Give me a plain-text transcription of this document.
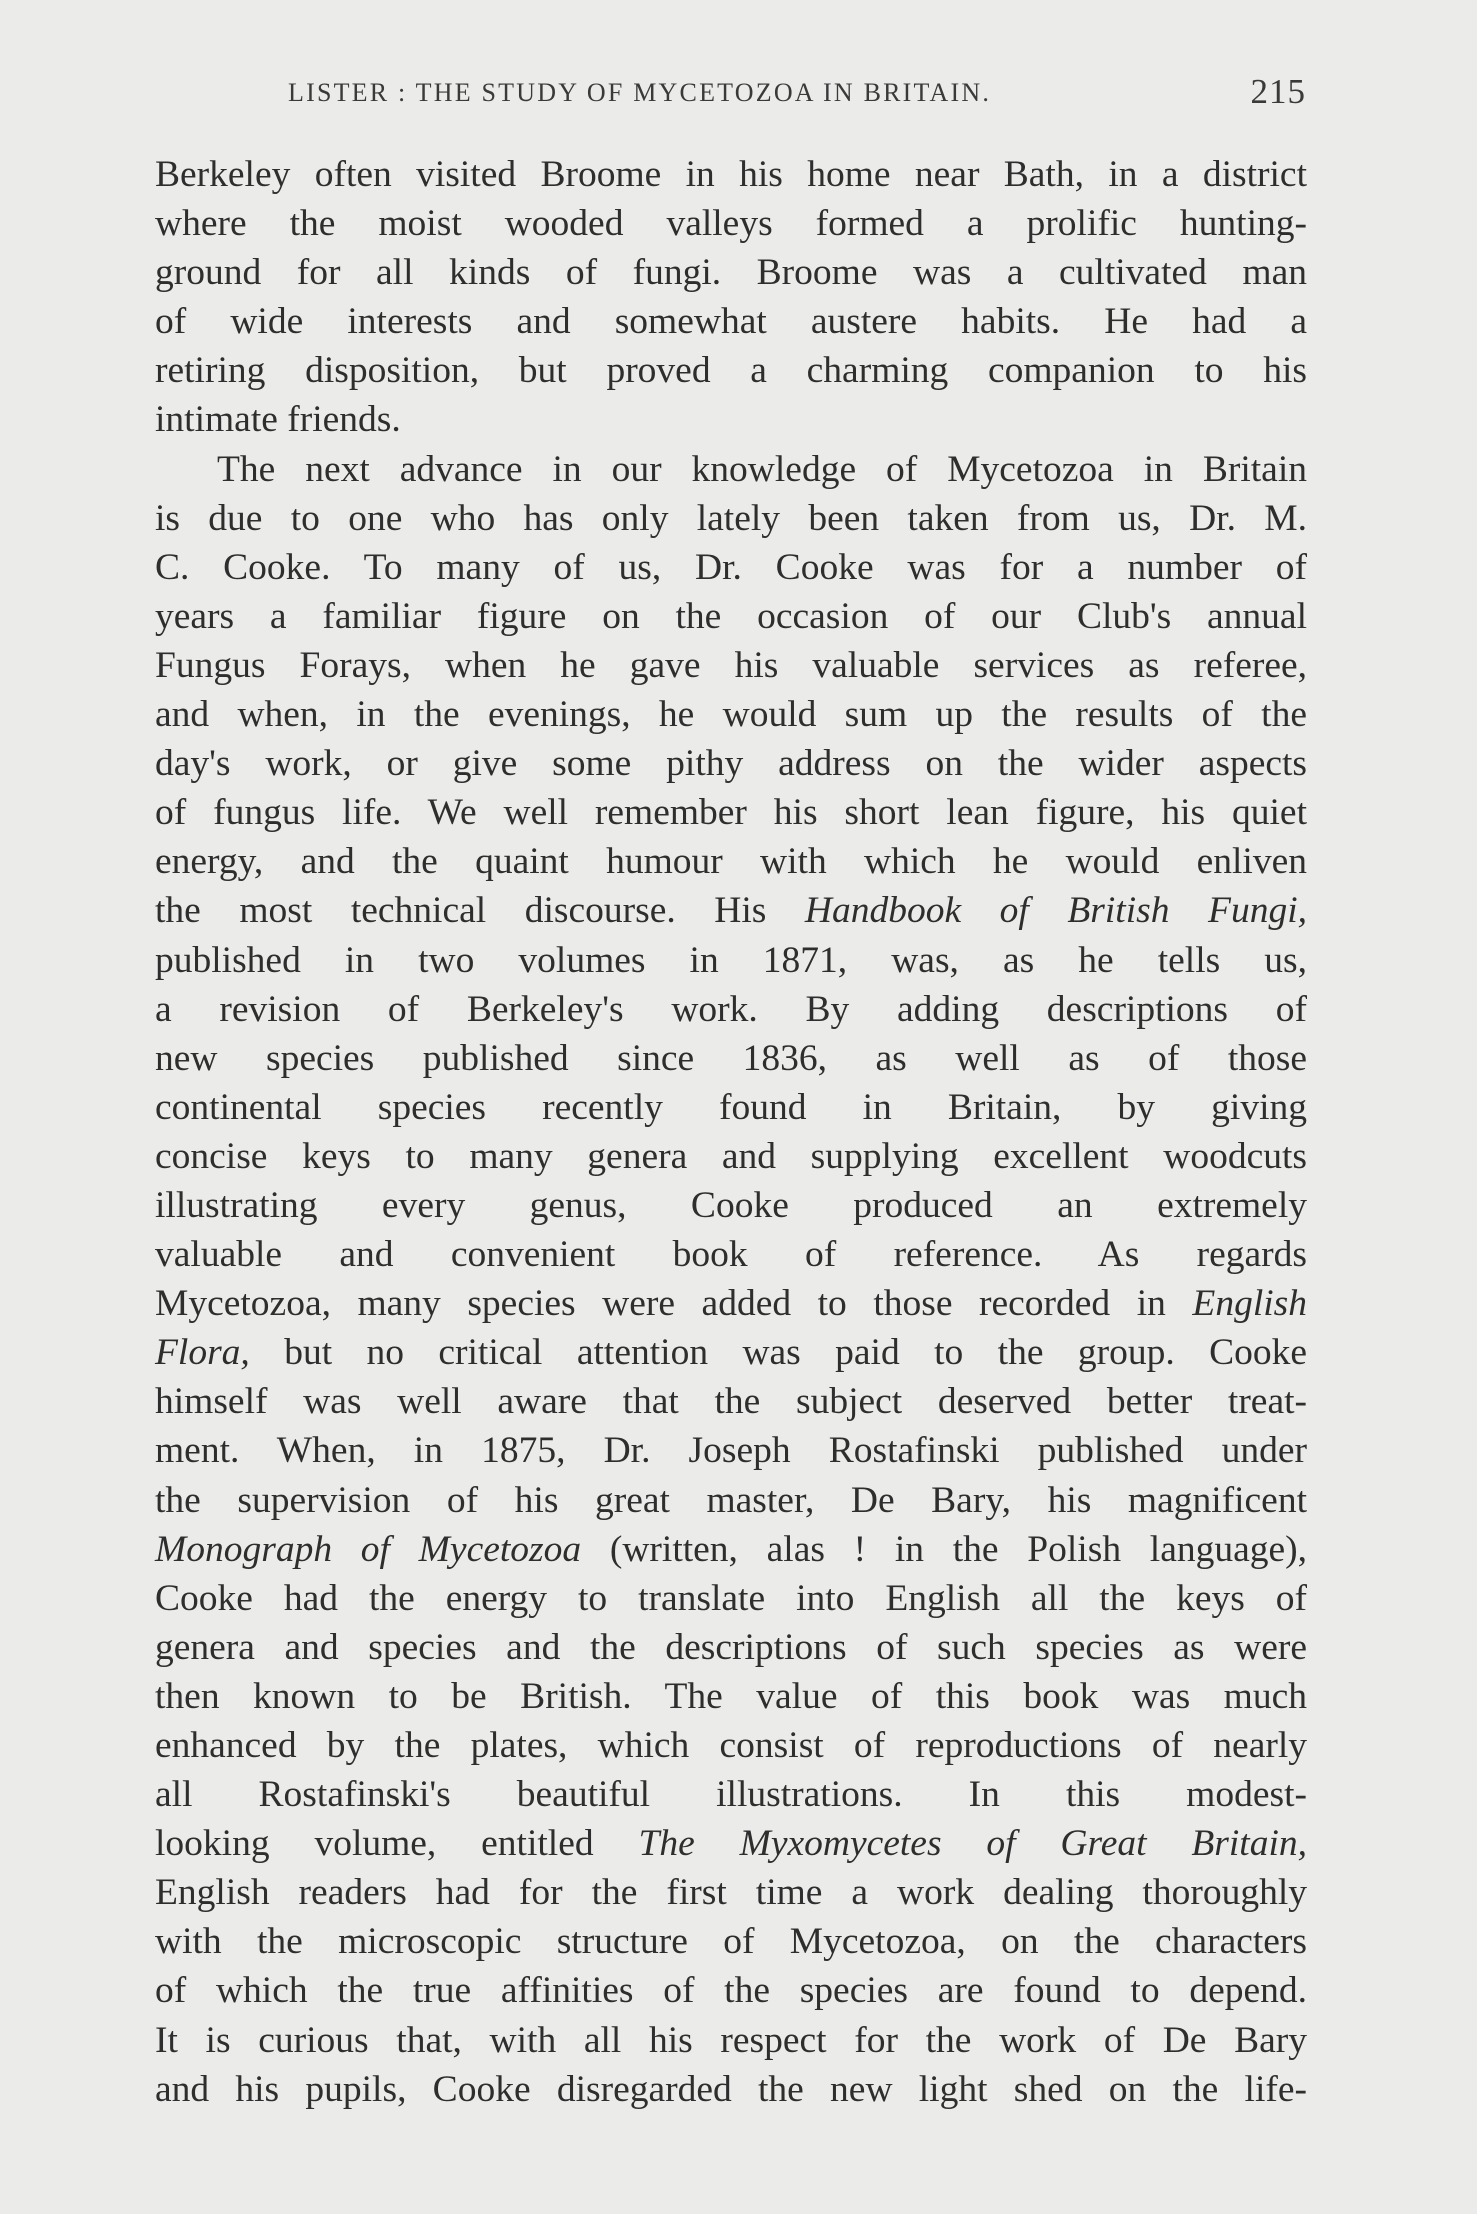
LISTER : THE STUDY OF MYCETOZOA IN BRITAIN.	215
Berkeley often visited Broome in his home near Bath, in a district
where the moist wooded valleys formed a prolific hunting-
ground for all kinds of fungi. Broome was a cultivated man
of wide interests and somewhat austere habits. He had a
retiring disposition, but proved a charming companion to his
intimate friends.
The next advance in our knowledge of Mycetozoa in Britain
is due to one who has only lately been taken from us, Dr. M.
C. Cooke. To many of us, Dr. Cooke was for a number of
years a familiar figure on the occasion of our Club's annual
Fungus Forays, when he gave his valuable services as referee,
and when, in the evenings, he would sum up the results of the
day's work, or give some pithy address on the wider aspects
of fungus life. We well remember his short lean figure, his quiet
energy, and the quaint humour with which he would enliven
the most technical discourse. His Handbook of British Fungi,
published in two volumes in 1871, was, as he tells us,
a revision of Berkeley's work. By adding descriptions of
new species published since 1836, as well as of those
continental species recently found in Britain, by giving
concise keys to many genera and supplying excellent woodcuts
illustrating every genus, Cooke produced an extremely
valuable and convenient book of reference. As regards
Mycetozoa, many species were added to those recorded in English
Flora, but no critical attention was paid to the group. Cooke
himself was well aware that the subject deserved better treat-
ment. When, in 1875, Dr. Joseph Rostafinski published under
the supervision of his great master, De Bary, his magnificent
Monograph of Mycetozoa (written, alas ! in the Polish language),
Cooke had the energy to translate into English all the keys of
genera and species and the descriptions of such species as were
then known to be British. The value of this book was much
enhanced by the plates, which consist of reproductions of nearly
all Rostafinski's beautiful illustrations. In this modest-
looking volume, entitled The Myxomycetes of Great Britain,
English readers had for the first time a work dealing thoroughly
with the microscopic structure of Mycetozoa, on the characters
of which the true affinities of the species are found to depend.
It is curious that, with all his respect for the work of De Bary
and his pupils, Cooke disregarded the new light shed on the life-
